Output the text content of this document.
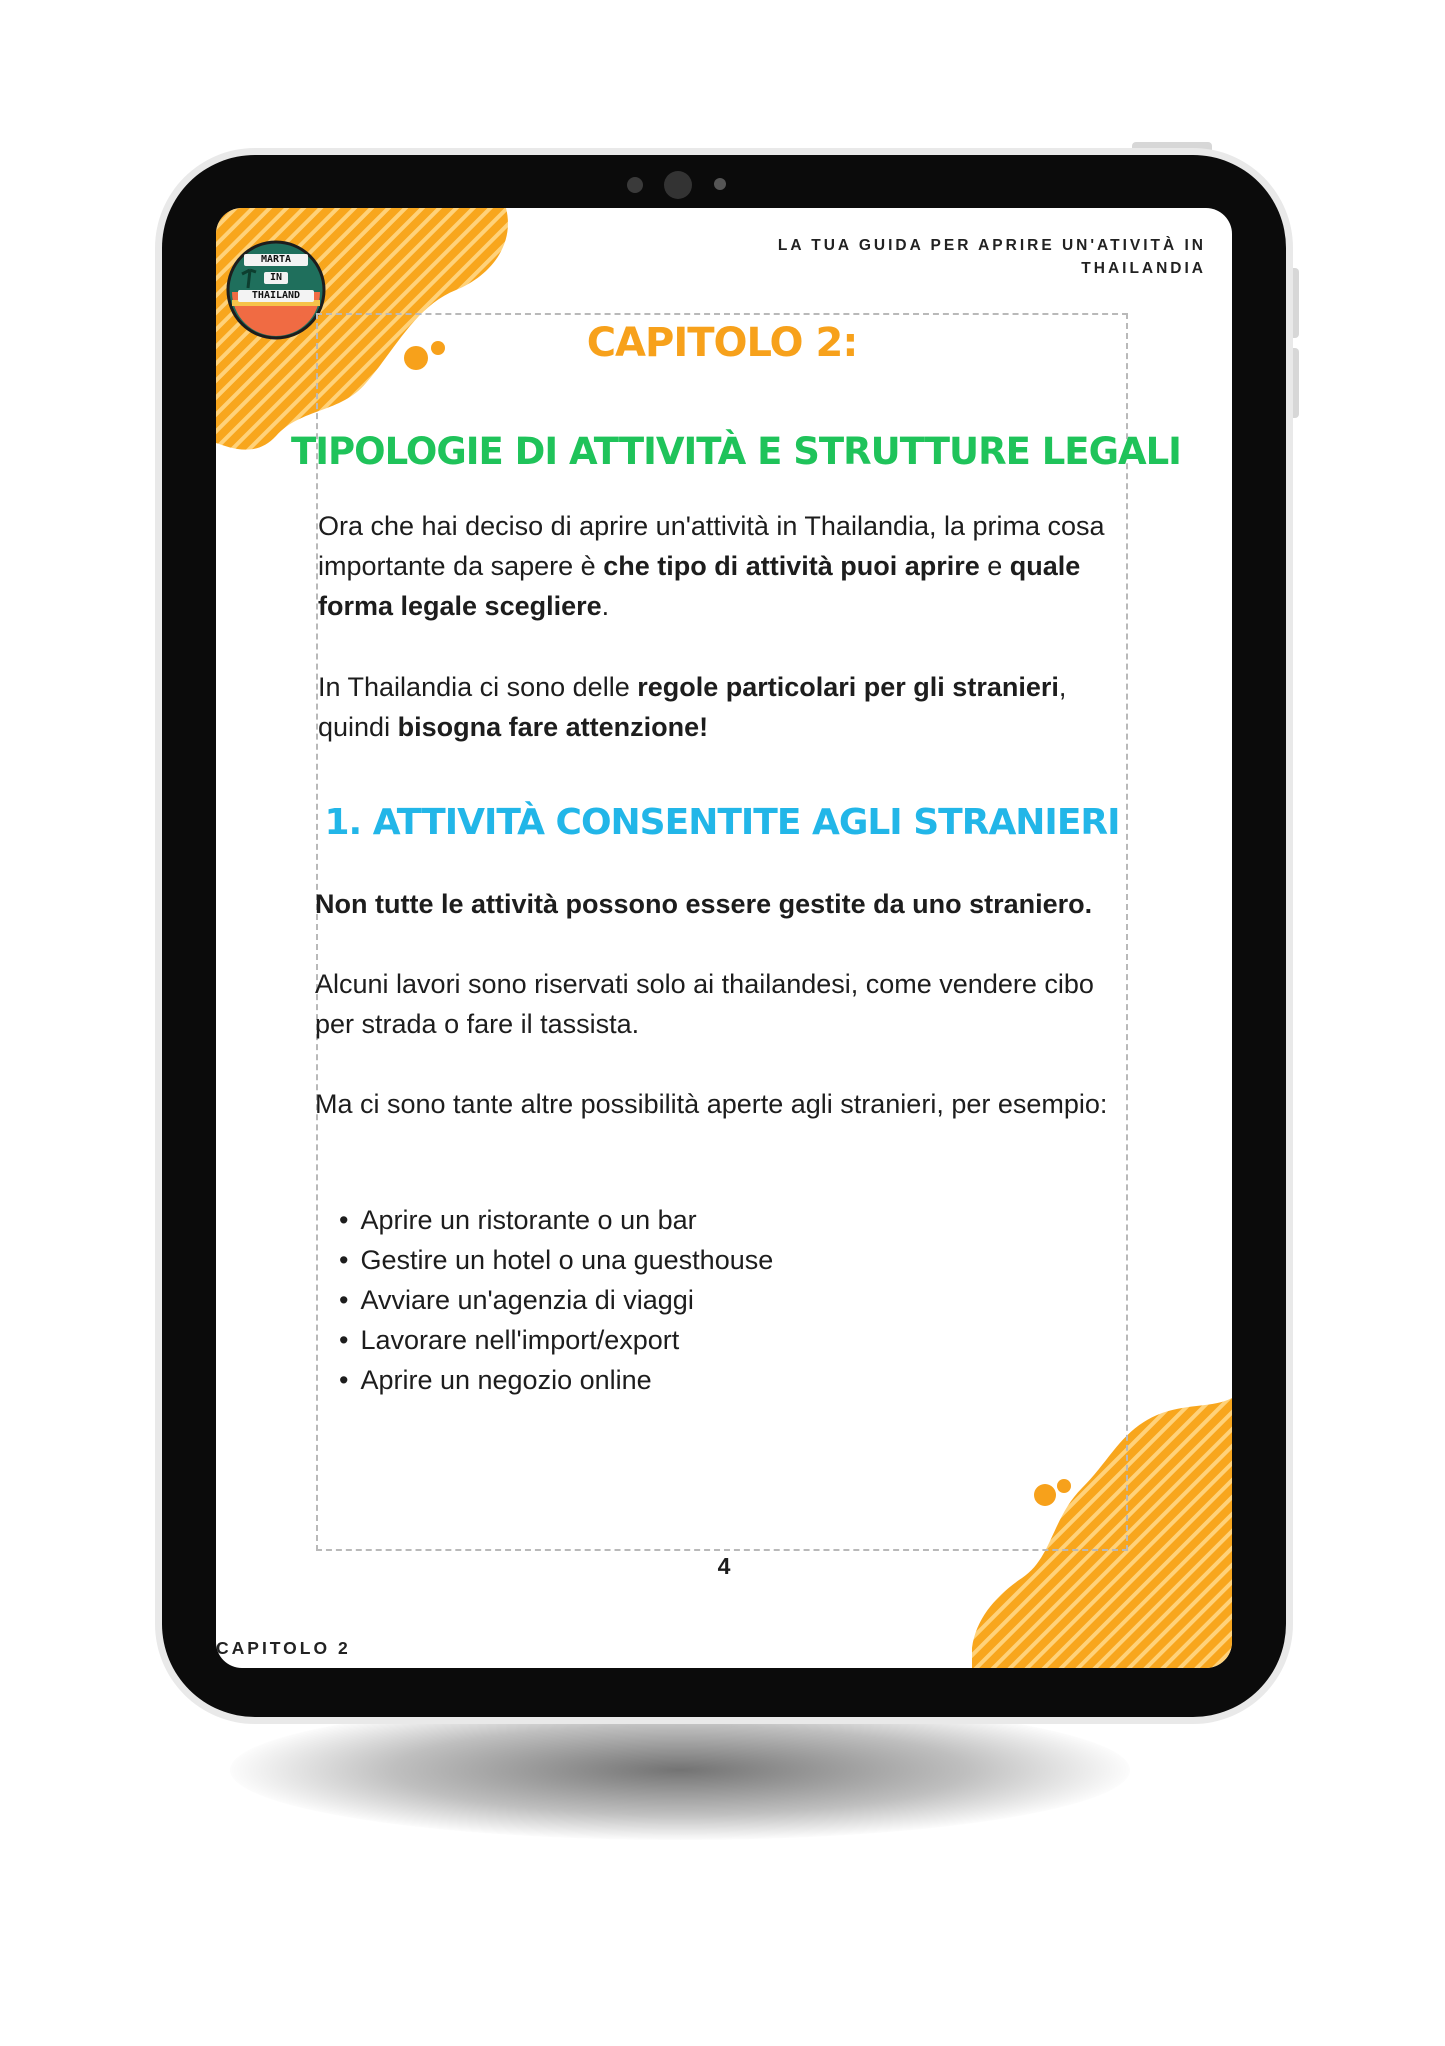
MARTA
IN
THAILAND
LA TUA GUIDA PER APRIRE UN'ATIVITÀ IN THAILANDIA
CAPITOLO 2:
TIPOLOGIE DI ATTIVITÀ E STRUTTURE LEGALI

Ora che hai deciso di aprire un'attività in Thailandia, la prima cosa importante da sapere è che tipo di attività puoi aprire e quale forma legale scegliere.

In Thailandia ci sono delle regole particolari per gli stranieri, quindi bisogna fare attenzione!

1. ATTIVITÀ CONSENTITE AGLI STRANIERI

Non tutte le attività possono essere gestite da uno straniero.

Alcuni lavori sono riservati solo ai thailandesi, come vendere cibo per strada o fare il tassista.

Ma ci sono tante altre possibilità aperte agli stranieri, per esempio:

• Aprire un ristorante o un bar
• Gestire un hotel o una guesthouse
• Avviare un'agenzia di viaggi
• Lavorare nell'import/export
• Aprire un negozio online
4
CAPITOLO 2
